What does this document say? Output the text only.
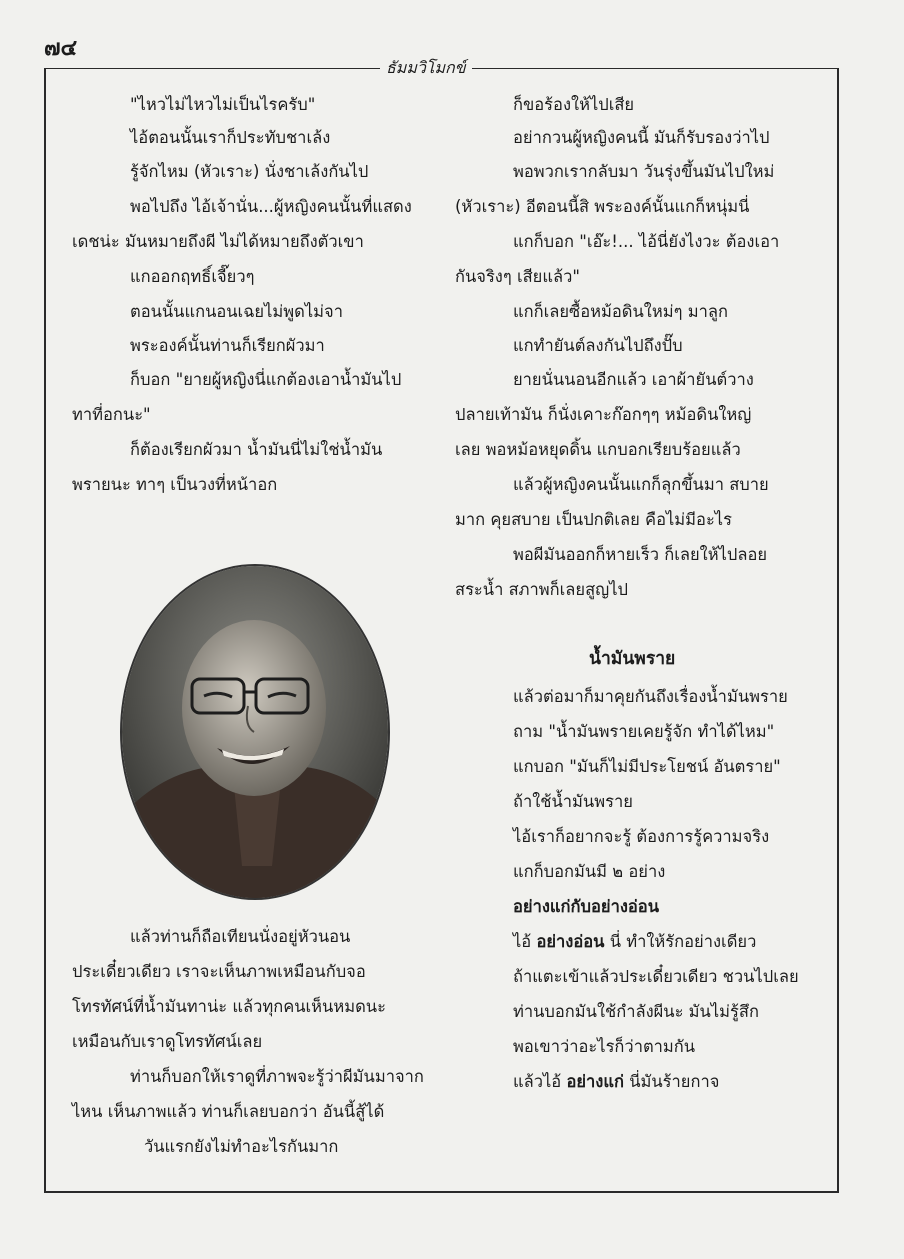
๗๔
ธัมมวิโมกข์
"ไหวไม่ไหวไม่เป็นไรครับ"
ไอ้ตอนนั้นเราก็ประทับชาเล้ง
รู้จักไหม (หัวเราะ) นั่งชาเล้งกันไป
พอไปถึง ไอ้เจ้านั่น...ผู้หญิงคนนั้นที่แสดง
เดชน่ะ มันหมายถึงผี ไม่ได้หมายถึงตัวเขา
แกออกฤทธิ์เจี๊ยวๆ
ตอนนั้นแกนอนเฉยไม่พูดไม่จา
พระองค์นั้นท่านก็เรียกผัวมา
ก็บอก "ยายผู้หญิงนี่แกต้องเอาน้ำมันไป
ทาที่อกนะ"
ก็ต้องเรียกผัวมา น้ำมันนี่ไม่ใช่น้ำมัน
พรายนะ ทาๆ เป็นวงที่หน้าอก
แล้วท่านก็ถือเทียนนั่งอยู่หัวนอน
ประเดี๋ยวเดียว เราจะเห็นภาพเหมือนกับจอ
โทรทัศน์ที่น้ำมันทาน่ะ แล้วทุกคนเห็นหมดนะ
เหมือนกับเราดูโทรทัศน์เลย
ท่านก็บอกให้เราดูที่ภาพจะรู้ว่าผีมันมาจาก
ไหน เห็นภาพแล้ว ท่านก็เลยบอกว่า อันนี้สู้ได้
วันแรกยังไม่ทำอะไรกันมาก
ก็ขอร้องให้ไปเสีย
อย่ากวนผู้หญิงคนนี้ มันก็รับรองว่าไป
พอพวกเรากลับมา วันรุ่งขึ้นมันไปใหม่
(หัวเราะ) อีตอนนี้สิ พระองค์นั้นแกก็หนุ่มนี่
แกก็บอก "เอ๊ะ!... ไอ้นี่ยังไงวะ ต้องเอา
กันจริงๆ เสียแล้ว"
แกก็เลยซื้อหม้อดินใหม่ๆ มาลูก
แกทำยันต์ลงกันไปถึงปั๊บ
ยายนั่นนอนอีกแล้ว เอาผ้ายันต์วาง
ปลายเท้ามัน ก็นั่งเคาะก๊อกๆๆ หม้อดินใหญ่
เลย พอหม้อหยุดดิ้น แกบอกเรียบร้อยแล้ว
แล้วผู้หญิงคนนั้นแกก็ลุกขึ้นมา สบาย
มาก คุยสบาย เป็นปกติเลย คือไม่มีอะไร
พอผีมันออกก็หายเร็ว ก็เลยให้ไปลอย
สระน้ำ สภาพก็เลยสูญไป
น้ำมันพราย
แล้วต่อมาก็มาคุยกันถึงเรื่องน้ำมันพราย
ถาม "น้ำมันพรายเคยรู้จัก ทำได้ไหม"
แกบอก "มันก็ไม่มีประโยชน์ อันตราย"
ถ้าใช้น้ำมันพราย
ไอ้เราก็อยากจะรู้ ต้องการรู้ความจริง
แกก็บอกมันมี ๒ อย่าง
อย่างแก่กับอย่างอ่อน
ไอ้ อย่างอ่อน นี่ ทำให้รักอย่างเดียว
ถ้าแตะเข้าแล้วประเดี๋ยวเดียว ชวนไปเลย
ท่านบอกมันใช้กำลังผีนะ มันไม่รู้สึก
พอเขาว่าอะไรก็ว่าตามกัน
แล้วไอ้ อย่างแก่ นี่มันร้ายกาจ
